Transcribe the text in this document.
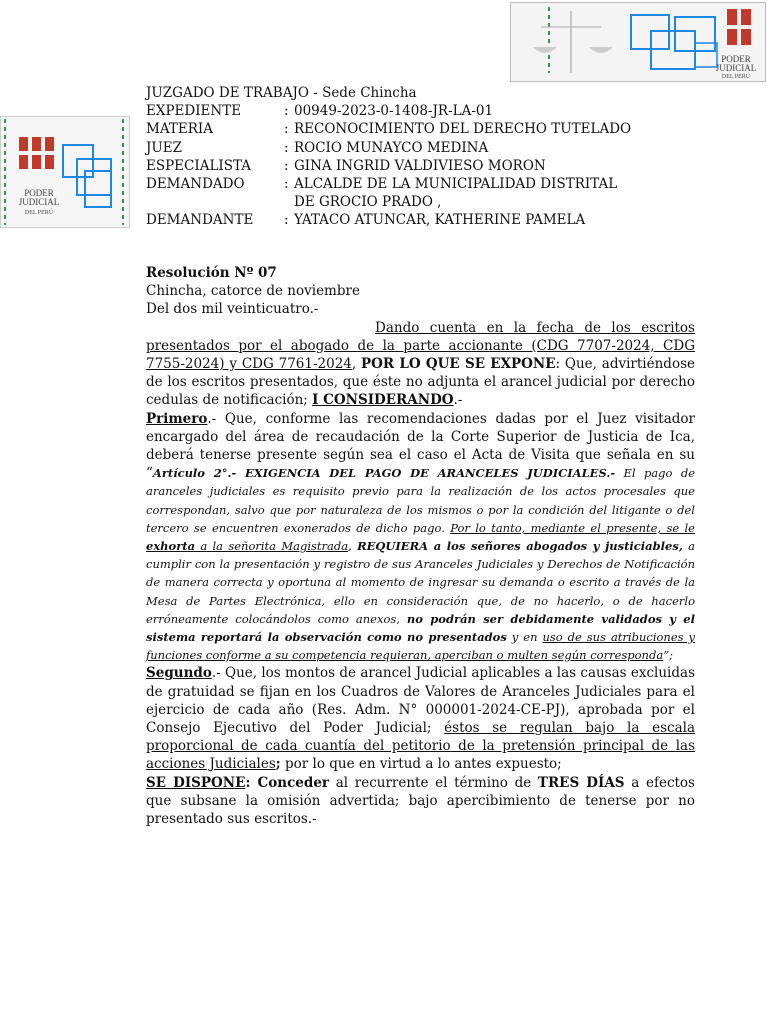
PODER JUDICIAL
DEL PERÚ
PODER JUDICIAL
DEL PERÚ
JUZGADO DE TRABAJO - Sede Chincha
EXPEDIENTE	: 00949-2023-0-1408-JR-LA-01
MATERIA	: RECONOCIMIENTO DEL DERECHO TUTELADO
JUEZ	: ROCIO MUNAYCO MEDINA
ESPECIALISTA	: GINA INGRID VALDIVIESO MORON
DEMANDADO	: ALCALDE DE LA MUNICIPALIDAD DISTRITAL
DE GROCIO PRADO ,
DEMANDANTE	: YATACO ATUNCAR, KATHERINE PAMELA

Resolución Nº 07

Chincha, catorce de noviembre

Del dos mil veinticuatro.-

Dando cuenta en la fecha de los escritos presentados por el abogado de la parte accionante (CDG 7707-2024, CDG 7755-2024) y CDG 7761-2024, POR LO QUE SE EXPONE: Que, advirtiéndose de los escritos presentados, que éste no adjunta el arancel judicial por derecho cedulas de notificación; I CONSIDERANDO.-

Primero.- Que, conforme las recomendaciones dadas por el Juez visitador encargado del área de recaudación de la Corte Superior de Justicia de Ica, deberá tenerse presente según sea el caso el Acta de Visita que señala en su “Artículo 2°.- EXIGENCIA DEL PAGO DE ARANCELES JUDICIALES.- El pago de aranceles judiciales es requisito previo para la realización de los actos procesales que correspondan, salvo que por naturaleza de los mismos o por la condición del litigante o del tercero se encuentren exonerados de dicho pago. Por lo tanto, mediante el presente, se le exhorta a la señorita Magistrada, REQUIERA a los señores abogados y justiciables, a cumplir con la presentación y registro de sus Aranceles Judiciales y Derechos de Notificación de manera correcta y oportuna al momento de ingresar su demanda o escrito a través de la Mesa de Partes Electrónica, ello en consideración que, de no hacerlo, o de hacerlo erróneamente colocándolos como anexos, no podrán ser debidamente validados y el sistema reportará la observación como no presentados y en uso de sus atribuciones y funciones conforme a su competencia requieran, aperciban o multen según corresponda”;

Segundo.- Que, los montos de arancel Judicial aplicables a las causas excluidas de gratuidad se fijan en los Cuadros de Valores de Aranceles Judiciales para el ejercicio de cada año (Res. Adm. N° 000001-2024-CE-PJ), aprobada por el Consejo Ejecutivo del Poder Judicial; éstos se regulan bajo la escala proporcional de cada cuantía del petitorio de la pretensión principal de las acciones Judiciales; por lo que en virtud a lo antes expuesto;

SE DISPONE: Conceder al recurrente el término de TRES DÍAS a efectos que subsane la omisión advertida; bajo apercibimiento de tenerse por no presentado sus escritos.-
